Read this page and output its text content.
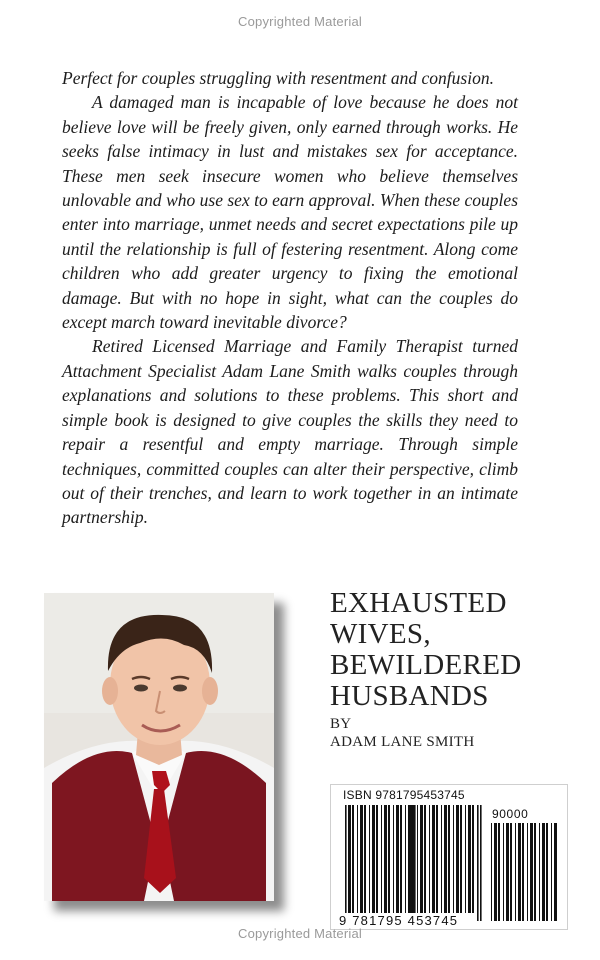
Copyrighted Material

Perfect for couples struggling with resentment and confusion.

A damaged man is incapable of love because he does not believe love will be freely given, only earned through works. He seeks false intimacy in lust and mistakes sex for acceptance. These men seek insecure women who believe themselves unlovable and who use sex to earn approval. When these couples enter into marriage, unmet needs and secret expectations pile up until the relationship is full of festering resentment. Along come children who add greater urgency to fixing the emotional damage. But with no hope in sight, what can the couples do except march toward inevitable divorce?

Retired Licensed Marriage and Family Therapist turned Attachment Specialist Adam Lane Smith walks couples through explanations and solutions to these problems. This short and simple book is designed to give couples the skills they need to repair a resentful and empty marriage. Through simple techniques, committed couples can alter their perspective, climb out of their trenches, and learn to work together in an intimate partnership.

EXHAUSTED
WIVES,
BEWILDERED
HUSBANDS
BY
ADAM LANE SMITH
ISBN 9781795453745
90000
9 781795 453745
Copyrighted Material
